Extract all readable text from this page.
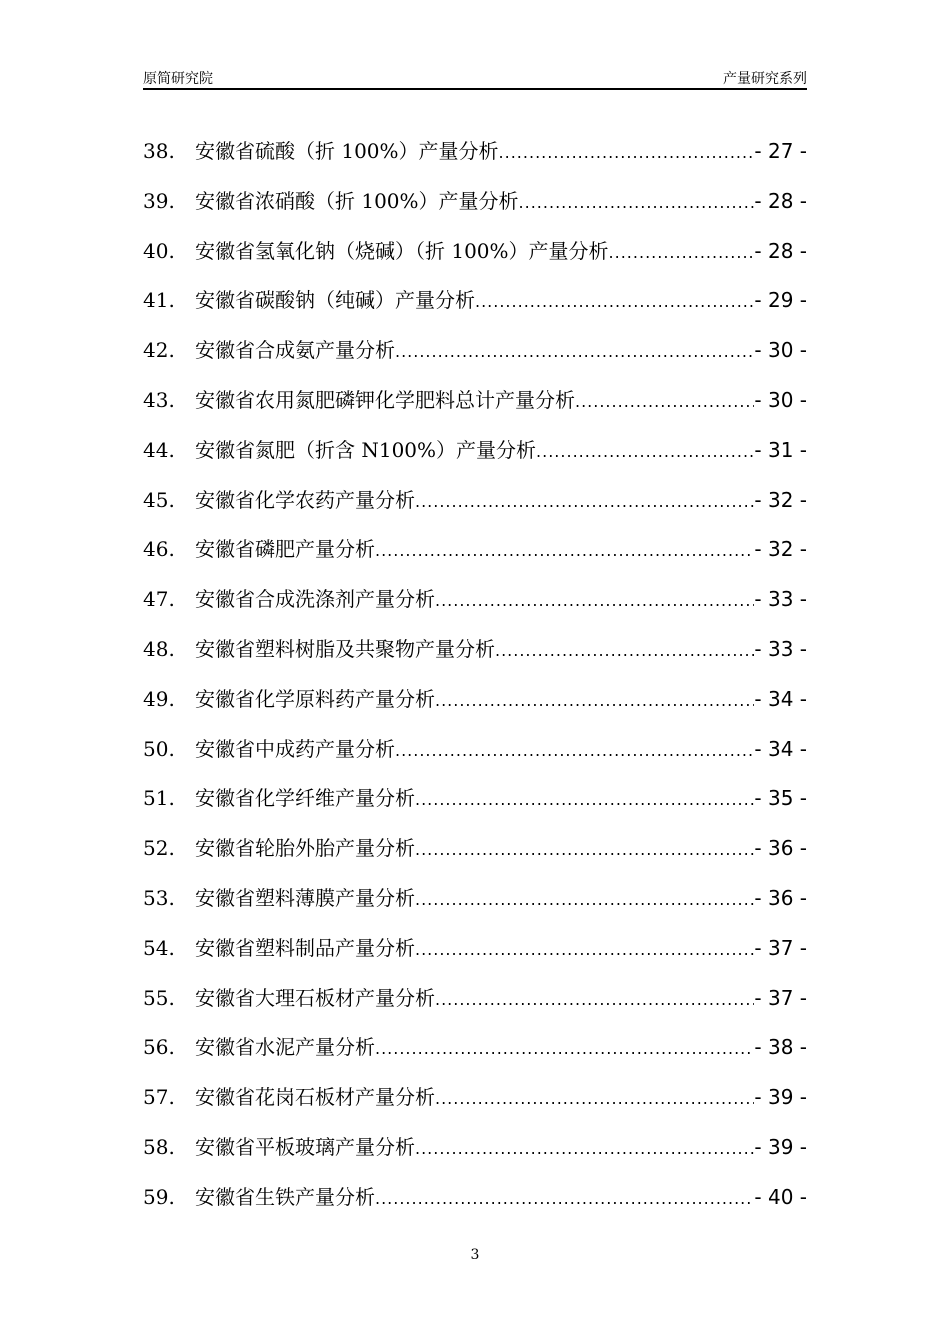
原简研究院	产量研究系列
38.	安徽省硫酸（折 100%）产量分析 .....	- 27 -
39.	安徽省浓硝酸（折 100%）产量分析 .....	- 28 -
40.	安徽省氢氧化钠（烧碱）（折 100%）产量分析 .....	- 28 -
41.	安徽省碳酸钠（纯碱）产量分析 .....	- 29 -
42.	安徽省合成氨产量分析 .....	- 30 -
43.	安徽省农用氮肥磷钾化学肥料总计产量分析 .....	- 30 -
44.	安徽省氮肥（折含 N100%）产量分析 .....	- 31 -
45.	安徽省化学农药产量分析 .....	- 32 -
46.	安徽省磷肥产量分析 .....	- 32 -
47.	安徽省合成洗涤剂产量分析 .....	- 33 -
48.	安徽省塑料树脂及共聚物产量分析 .....	- 33 -
49.	安徽省化学原料药产量分析 .....	- 34 -
50.	安徽省中成药产量分析 .....	- 34 -
51.	安徽省化学纤维产量分析 .....	- 35 -
52.	安徽省轮胎外胎产量分析 .....	- 36 -
53.	安徽省塑料薄膜产量分析 .....	- 36 -
54.	安徽省塑料制品产量分析 .....	- 37 -
55.	安徽省大理石板材产量分析 .....	- 37 -
56.	安徽省水泥产量分析 .....	- 38 -
57.	安徽省花岗石板材产量分析 .....	- 39 -
58.	安徽省平板玻璃产量分析 .....	- 39 -
59.	安徽省生铁产量分析 .....	- 40 -
3
